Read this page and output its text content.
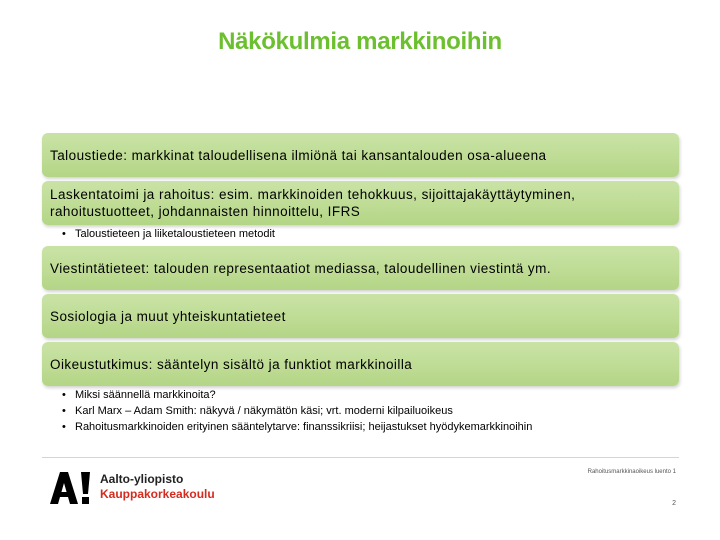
Näkökulmia markkinoihin
Taloustiede: markkinat taloudellisena ilmiönä tai kansantalouden osa-alueena
Laskentatoimi ja rahoitus: esim. markkinoiden tehokkuus, sijoittajakäyttäytyminen, rahoitustuotteet, johdannaisten hinnoittelu, IFRS
• Taloustieteen ja liiketaloustieteen metodit
Viestintätieteet: talouden representaatiot mediassa, taloudellinen viestintä ym.
Sosiologia ja muut yhteiskuntatieteet
Oikeustutkimus: sääntelyn sisältö ja funktiot markkinoilla
• Miksi säännellä markkinoita?
• Karl Marx – Adam Smith: näkyvä / näkymätön käsi; vrt. moderni kilpailuoikeus
• Rahoitusmarkkinoiden erityinen sääntelytarve: finanssikriisi; heijastukset hyödykemarkkinoihin
A!
Aalto-yliopisto
Kauppakorkeakoulu
Rahoitusmarkkinaoikeus luento 1
2
